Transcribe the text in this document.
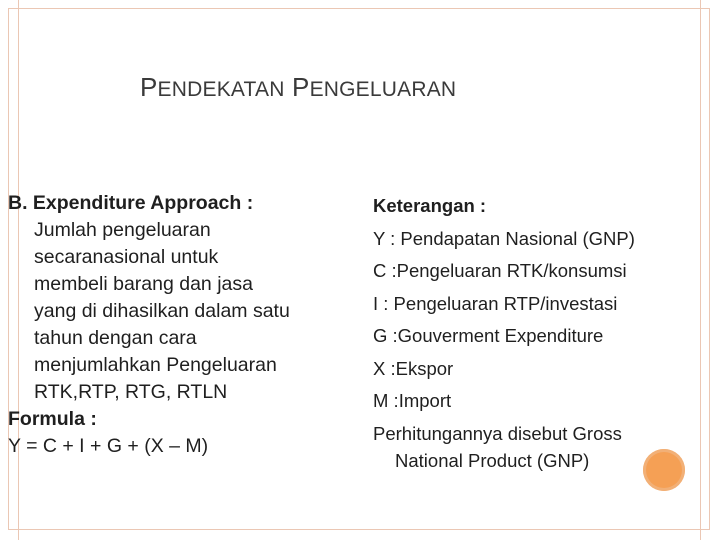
PENDEKATAN PENGELUARAN
B. Expenditure Approach :
Jumlah pengeluaran
secaranasional untuk
membeli barang dan jasa
yang di dihasilkan dalam satu
tahun dengan cara
menjumlahkan Pengeluaran
RTK,RTP, RTG, RTLN
Formula :
Y = C + I + G + (X – M)
Keterangan :
Y : Pendapatan Nasional (GNP)
C :Pengeluaran RTK/konsumsi
I : Pengeluaran RTP/investasi
G :Gouverment Expenditure
X :Ekspor
M :Import
Perhitungannya disebut Gross
National Product (GNP)
